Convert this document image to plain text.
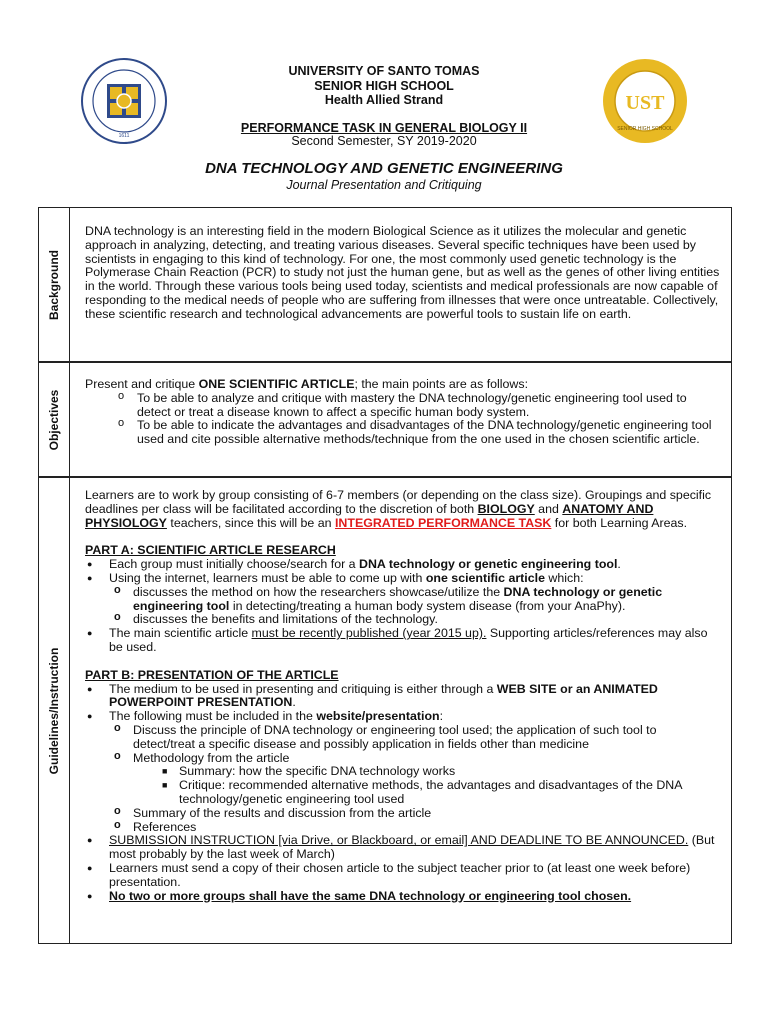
1611
UST
SENIOR HIGH SCHOOL
UNIVERSITY OF SANTO TOMAS
SENIOR HIGH SCHOOL
Health Allied Strand
PERFORMANCE TASK IN GENERAL BIOLOGY II
Second Semester, SY 2019-2020
DNA TECHNOLOGY AND GENETIC ENGINEERING
Journal Presentation and Critiquing
Background

DNA technology is an interesting field in the modern Biological Science as it utilizes the molecular and genetic approach in analyzing, detecting, and treating various diseases. Several specific techniques have been used by scientists in engaging to this kind of technology. For one, the most commonly used genetic technology is the Polymerase Chain Reaction (PCR) to study not just the human gene, but as well as the genes of other living entities in the world. Through these various tools being used today, scientists and medical professionals are now capable of responding to the medical needs of people who are suffering from illnesses that were once untreatable. Collectively, these scientific research and technological advancements are powerful tools to sustain life on earth.

Objectives

Present and critique ONE SCIENTIFIC ARTICLE; the main points are as follows:

o To be able to analyze and critique with mastery the DNA technology/genetic engineering tool used to detect or treat a disease known to affect a specific human body system.
o To be able to indicate the advantages and disadvantages of the DNA technology/genetic engineering tool used and cite possible alternative methods/technique from the one used in the chosen scientific article.
Guidelines/Instruction

Learners are to work by group consisting of 6-7 members (or depending on the class size). Groupings and specific deadlines per class will be facilitated according to the discretion of both BIOLOGY and ANATOMY AND PHYSIOLOGY teachers, since this will be an INTEGRATED PERFORMANCE TASK for both Learning Areas.

PART A: SCIENTIFIC ARTICLE RESEARCH

● Each group must initially choose/search for a DNA technology or genetic engineering tool.
● Using the internet, learners must be able to come up with one scientific article which:
o discusses the method on how the researchers showcase/utilize the DNA technology or genetic engineering tool in detecting/treating a human body system disease (from your AnaPhy).
o discusses the benefits and limitations of the technology.
● The main scientific article must be recently published (year 2015 up). Supporting articles/references may also be used.

PART B: PRESENTATION OF THE ARTICLE

● The medium to be used in presenting and critiquing is either through a WEB SITE or an ANIMATED POWERPOINT PRESENTATION.
● The following must be included in the website/presentation:
o Discuss the principle of DNA technology or engineering tool used; the application of such tool to detect/treat a specific disease and possibly application in fields other than medicine
o Methodology from the article
■ Summary: how the specific DNA technology works
■ Critique: recommended alternative methods, the advantages and disadvantages of the DNA technology/genetic engineering tool used
o Summary of the results and discussion from the article
o References
● SUBMISSION INSTRUCTION [via Drive, or Blackboard, or email] AND DEADLINE TO BE ANNOUNCED. (But most probably by the last week of March)
● Learners must send a copy of their chosen article to the subject teacher prior to (at least one week before) presentation.
● No two or more groups shall have the same DNA technology or engineering tool chosen.
